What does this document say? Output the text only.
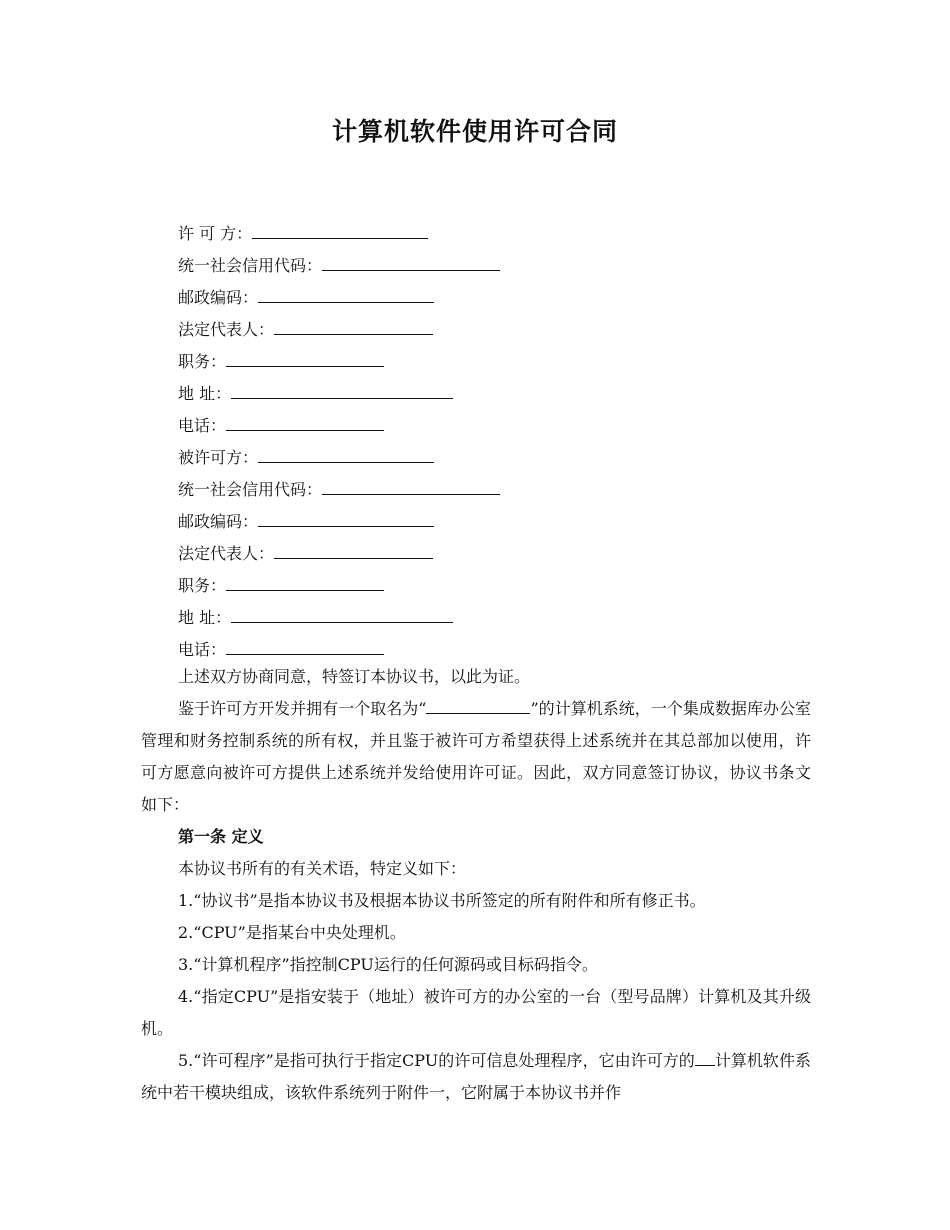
计算机软件使用许可合同
许 可 方：
统一社会信用代码：
邮政编码：
法定代表人：
职务：
地 址：
电话：
被许可方：
统一社会信用代码：
邮政编码：
法定代表人：
职务：
地 址：
电话：

上述双方协商同意，特签订本协议书，以此为证。

鉴于许可方开发并拥有一个取名为“	”的计算机系统，一个集成数据库办公室管理和财务控制系统的所有权，并且鉴于被许可方希望获得上述系统并在其总部加以使用，许可方愿意向被许可方提供上述系统并发给使用许可证。因此，双方同意签订协议，协议书条文如下：

第一条 定义

本协议书所有的有关术语，特定义如下：

1.“协议书”是指本协议书及根据本协议书所签定的所有附件和所有修正书。

2.“CPU”是指某台中央处理机。

3.“计算机程序”指控制CPU运行的任何源码或目标码指令。

4.“指定CPU”是指安装于（地址）被许可方的办公室的一台（型号品牌）计算机及其升级机。

5.“许可程序”是指可执行于指定CPU的许可信息处理程序，它由许可方的 计算机软件系统中若干模块组成，该软件系统列于附件一，它附属于本协议书并作
